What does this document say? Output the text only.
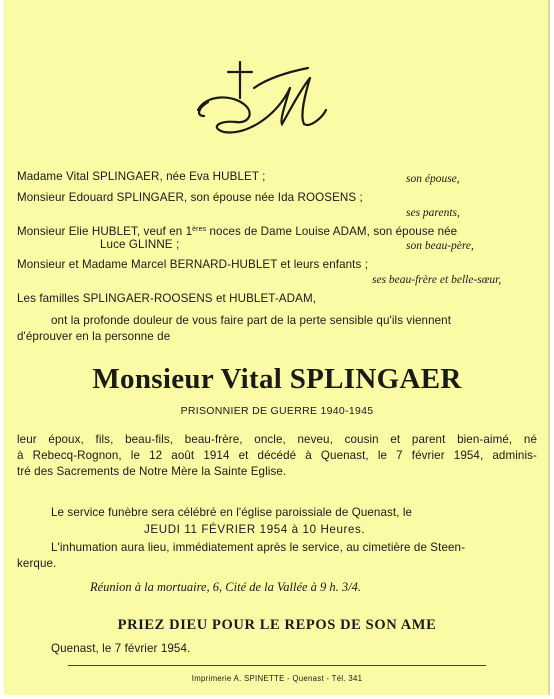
Madame Vital SPLINGAER, née Eva HUBLET ;	son épouse,
Monsieur Edouard SPLINGAER, son épouse née Ida ROOSENS ;
ses parents,
Monsieur Elie HUBLET, veuf en 1ères noces de Dame Louise ADAM, son épouse née
Luce GLINNE ;	son beau-père,
Monsieur et Madame Marcel BERNARD-HUBLET et leurs enfants ;
ses beau-frère et belle-sœur,
Les familles SPLINGAER-ROOSENS et HUBLET-ADAM,
ont la profonde douleur de vous faire part de la perte sensible qu'ils viennent
d'éprouver en la personne de
Monsieur Vital SPLINGAER
PRISONNIER DE GUERRE 1940-1945
leur époux, fils, beau-fils, beau-frère, oncle, neveu, cousin et parent bien-aimé, né
à Rebecq-Rognon, le 12 août 1914 et décédé à Quenast, le 7 février 1954, adminis-
tré des Sacrements de Notre Mère la Sainte Eglise.
Le service funèbre sera célébré en l'église paroissiale de Quenast, le
JEUDI 11 FÉVRIER 1954 à 10 Heures.
L'inhumation aura lieu, immédiatement après le service, au cimetière de Steen-
kerque.
Réunion à la mortuaire, 6, Cité de la Vallée à 9 h. 3/4.
PRIEZ DIEU POUR LE REPOS DE SON AME
Quenast, le 7 février 1954.
Imprimerie A. SPINETTE - Quenast - Tél. 341
